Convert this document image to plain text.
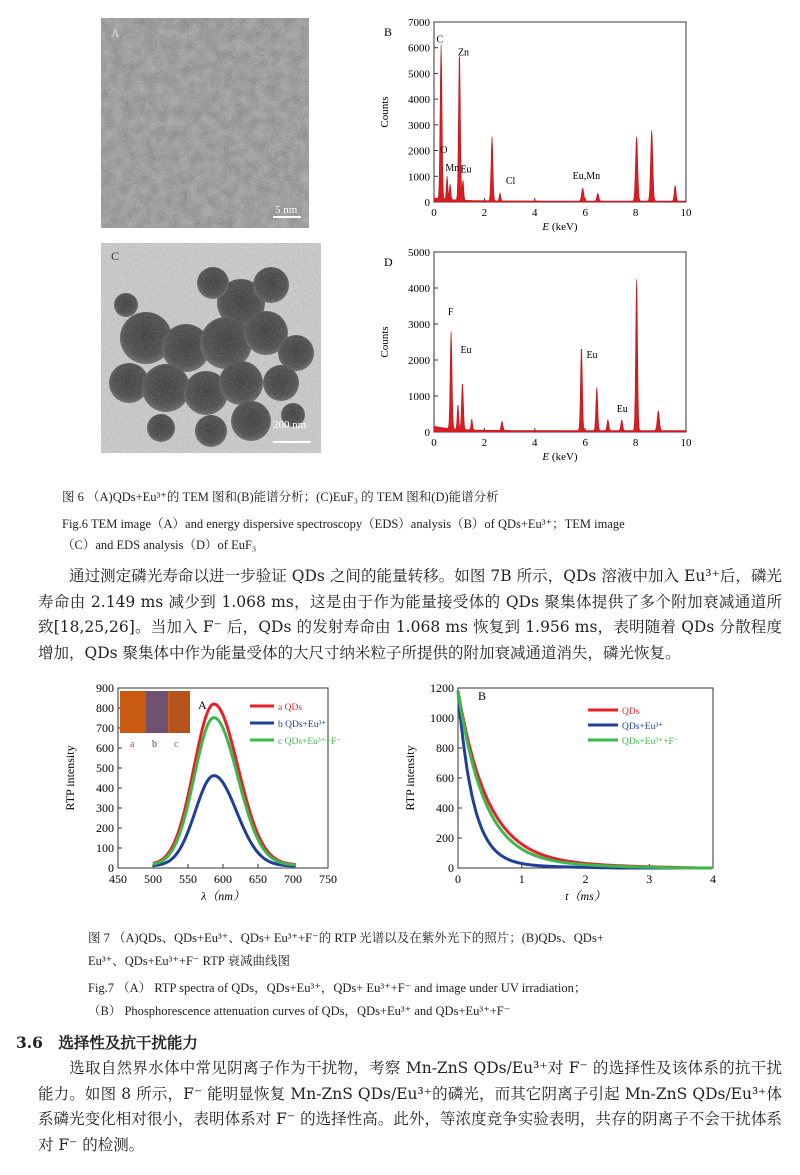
A
5 nm
C
200 nm
0
1000
2000
3000
4000
5000
6000
7000
0	2	4	6	8	10
Counts
E (keV)
B
C
Zn
O
Mn Eu
Cl	Eu,Mn
0
1000
2000
3000
4000
5000
0	2	4	6	8	10
Counts
E (keV)
D
F
Eu	Eu
Eu
图 6 （A)QDs+Eu³⁺的 TEM 图和(B)能谱分析；(C)EuF₃ 的 TEM 图和(D)能谱分析
Fig.6 TEM image（A）and energy dispersive spectroscopy（EDS）analysis（B）of QDs+Eu³⁺；TEM image
（C）and EDS analysis（D）of EuF₃
通过测定磷光寿命以进一步验证 QDs 之间的能量转移。如图 7B 所示，QDs 溶液中加入 Eu³⁺后，磷光寿命由 2.149 ms 减少到 1.068 ms，这是由于作为能量接受体的 QDs 聚集体提供了多个附加衰减通道所致[18,25,26]。当加入 F⁻ 后，QDs 的发射寿命由 1.068 ms 恢复到 1.956 ms，表明随着 QDs 分散程度增加，QDs 聚集体中作为能量受体的大尺寸纳米粒子所提供的附加衰减通道消失，磷光恢复。
0
100
200
300
400
500
600
700
800
900
450 500 550 600 650 700 750
RTP intensity
λ（nm）
a b c
A	a QDs
b QDs+Eu³⁺
c QDs+Eu³⁺+F⁻
0
200
400
600
800
1000
1200
0	1	2	3	4
RTP intensity
t（ms）
B
QDs
QDs+Eu³⁺
QDs+Eu³⁺+F⁻
图 7 （A)QDs、QDs+Eu³⁺、QDs+ Eu³⁺+F⁻的 RTP 光谱以及在紫外光下的照片；(B)QDs、QDs+
Eu³⁺、QDs+Eu³⁺+F⁻ RTP 衰减曲线图
Fig.7 （A） RTP spectra of QDs，QDs+Eu³⁺，QDs+ Eu³⁺+F⁻ and image under UV irradiation；
（B） Phosphorescence attenuation curves of QDs，QDs+Eu³⁺ and QDs+Eu³⁺+F⁻
3.6 选择性及抗干扰能力
选取自然界水体中常见阴离子作为干扰物，考察 Mn-ZnS QDs/Eu³⁺对 F⁻ 的选择性及该体系的抗干扰能力。如图 8 所示，F⁻ 能明显恢复 Mn-ZnS QDs/Eu³⁺的磷光，而其它阴离子引起 Mn-ZnS QDs/Eu³⁺体系磷光变化相对很小，表明体系对 F⁻ 的选择性高。此外，等浓度竞争实验表明，共存的阴离子不会干扰体系对 F⁻ 的检测。
